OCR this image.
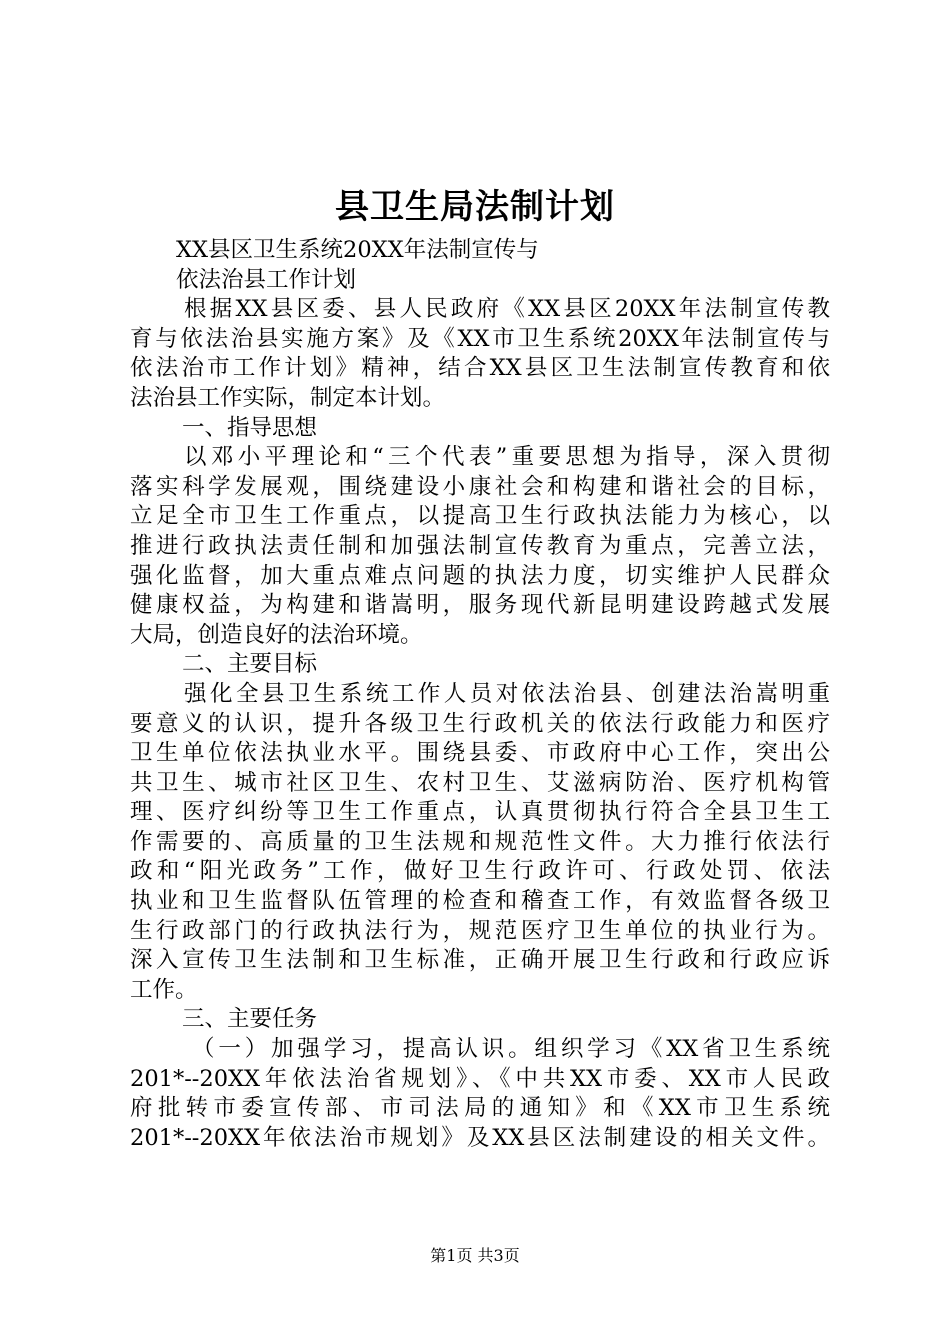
县卫生局法制计划
XX县区卫生系统20XX年法制宣传与
依法治县工作计划
根据XX县区委、县人民政府《XX县区20XX年法制宣传教
育与依法治县实施方案》及《XX市卫生系统20XX年法制宣传与
依法治市工作计划》精神，结合XX县区卫生法制宣传教育和依
法治县工作实际，制定本计划。
一、指导思想
以邓小平理论和“三个代表”重要思想为指导，深入贯彻
落实科学发展观，围绕建设小康社会和构建和谐社会的目标，
立足全市卫生工作重点，以提高卫生行政执法能力为核心，以
推进行政执法责任制和加强法制宣传教育为重点，完善立法，
强化监督，加大重点难点问题的执法力度，切实维护人民群众
健康权益，为构建和谐嵩明，服务现代新昆明建设跨越式发展
大局，创造良好的法治环境。
二、主要目标
强化全县卫生系统工作人员对依法治县、创建法治嵩明重
要意义的认识，提升各级卫生行政机关的依法行政能力和医疗
卫生单位依法执业水平。围绕县委、市政府中心工作，突出公
共卫生、城市社区卫生、农村卫生、艾滋病防治、医疗机构管
理、医疗纠纷等卫生工作重点，认真贯彻执行符合全县卫生工
作需要的、高质量的卫生法规和规范性文件。大力推行依法行
政和“阳光政务”工作，做好卫生行政许可、行政处罚、依法
执业和卫生监督队伍管理的检查和稽查工作，有效监督各级卫
生行政部门的行政执法行为，规范医疗卫生单位的执业行为。
深入宣传卫生法制和卫生标准，正确开展卫生行政和行政应诉
工作。
三、主要任务
（一）加强学习，提高认识。组织学习《XX省卫生系统
201*--20XX年依法治省规划》、《中共XX市委、XX市人民政
府批转市委宣传部、市司法局的通知》和《XX市卫生系统
201*--20XX年依法治市规划》及XX县区法制建设的相关文件。
第1页 共3页
